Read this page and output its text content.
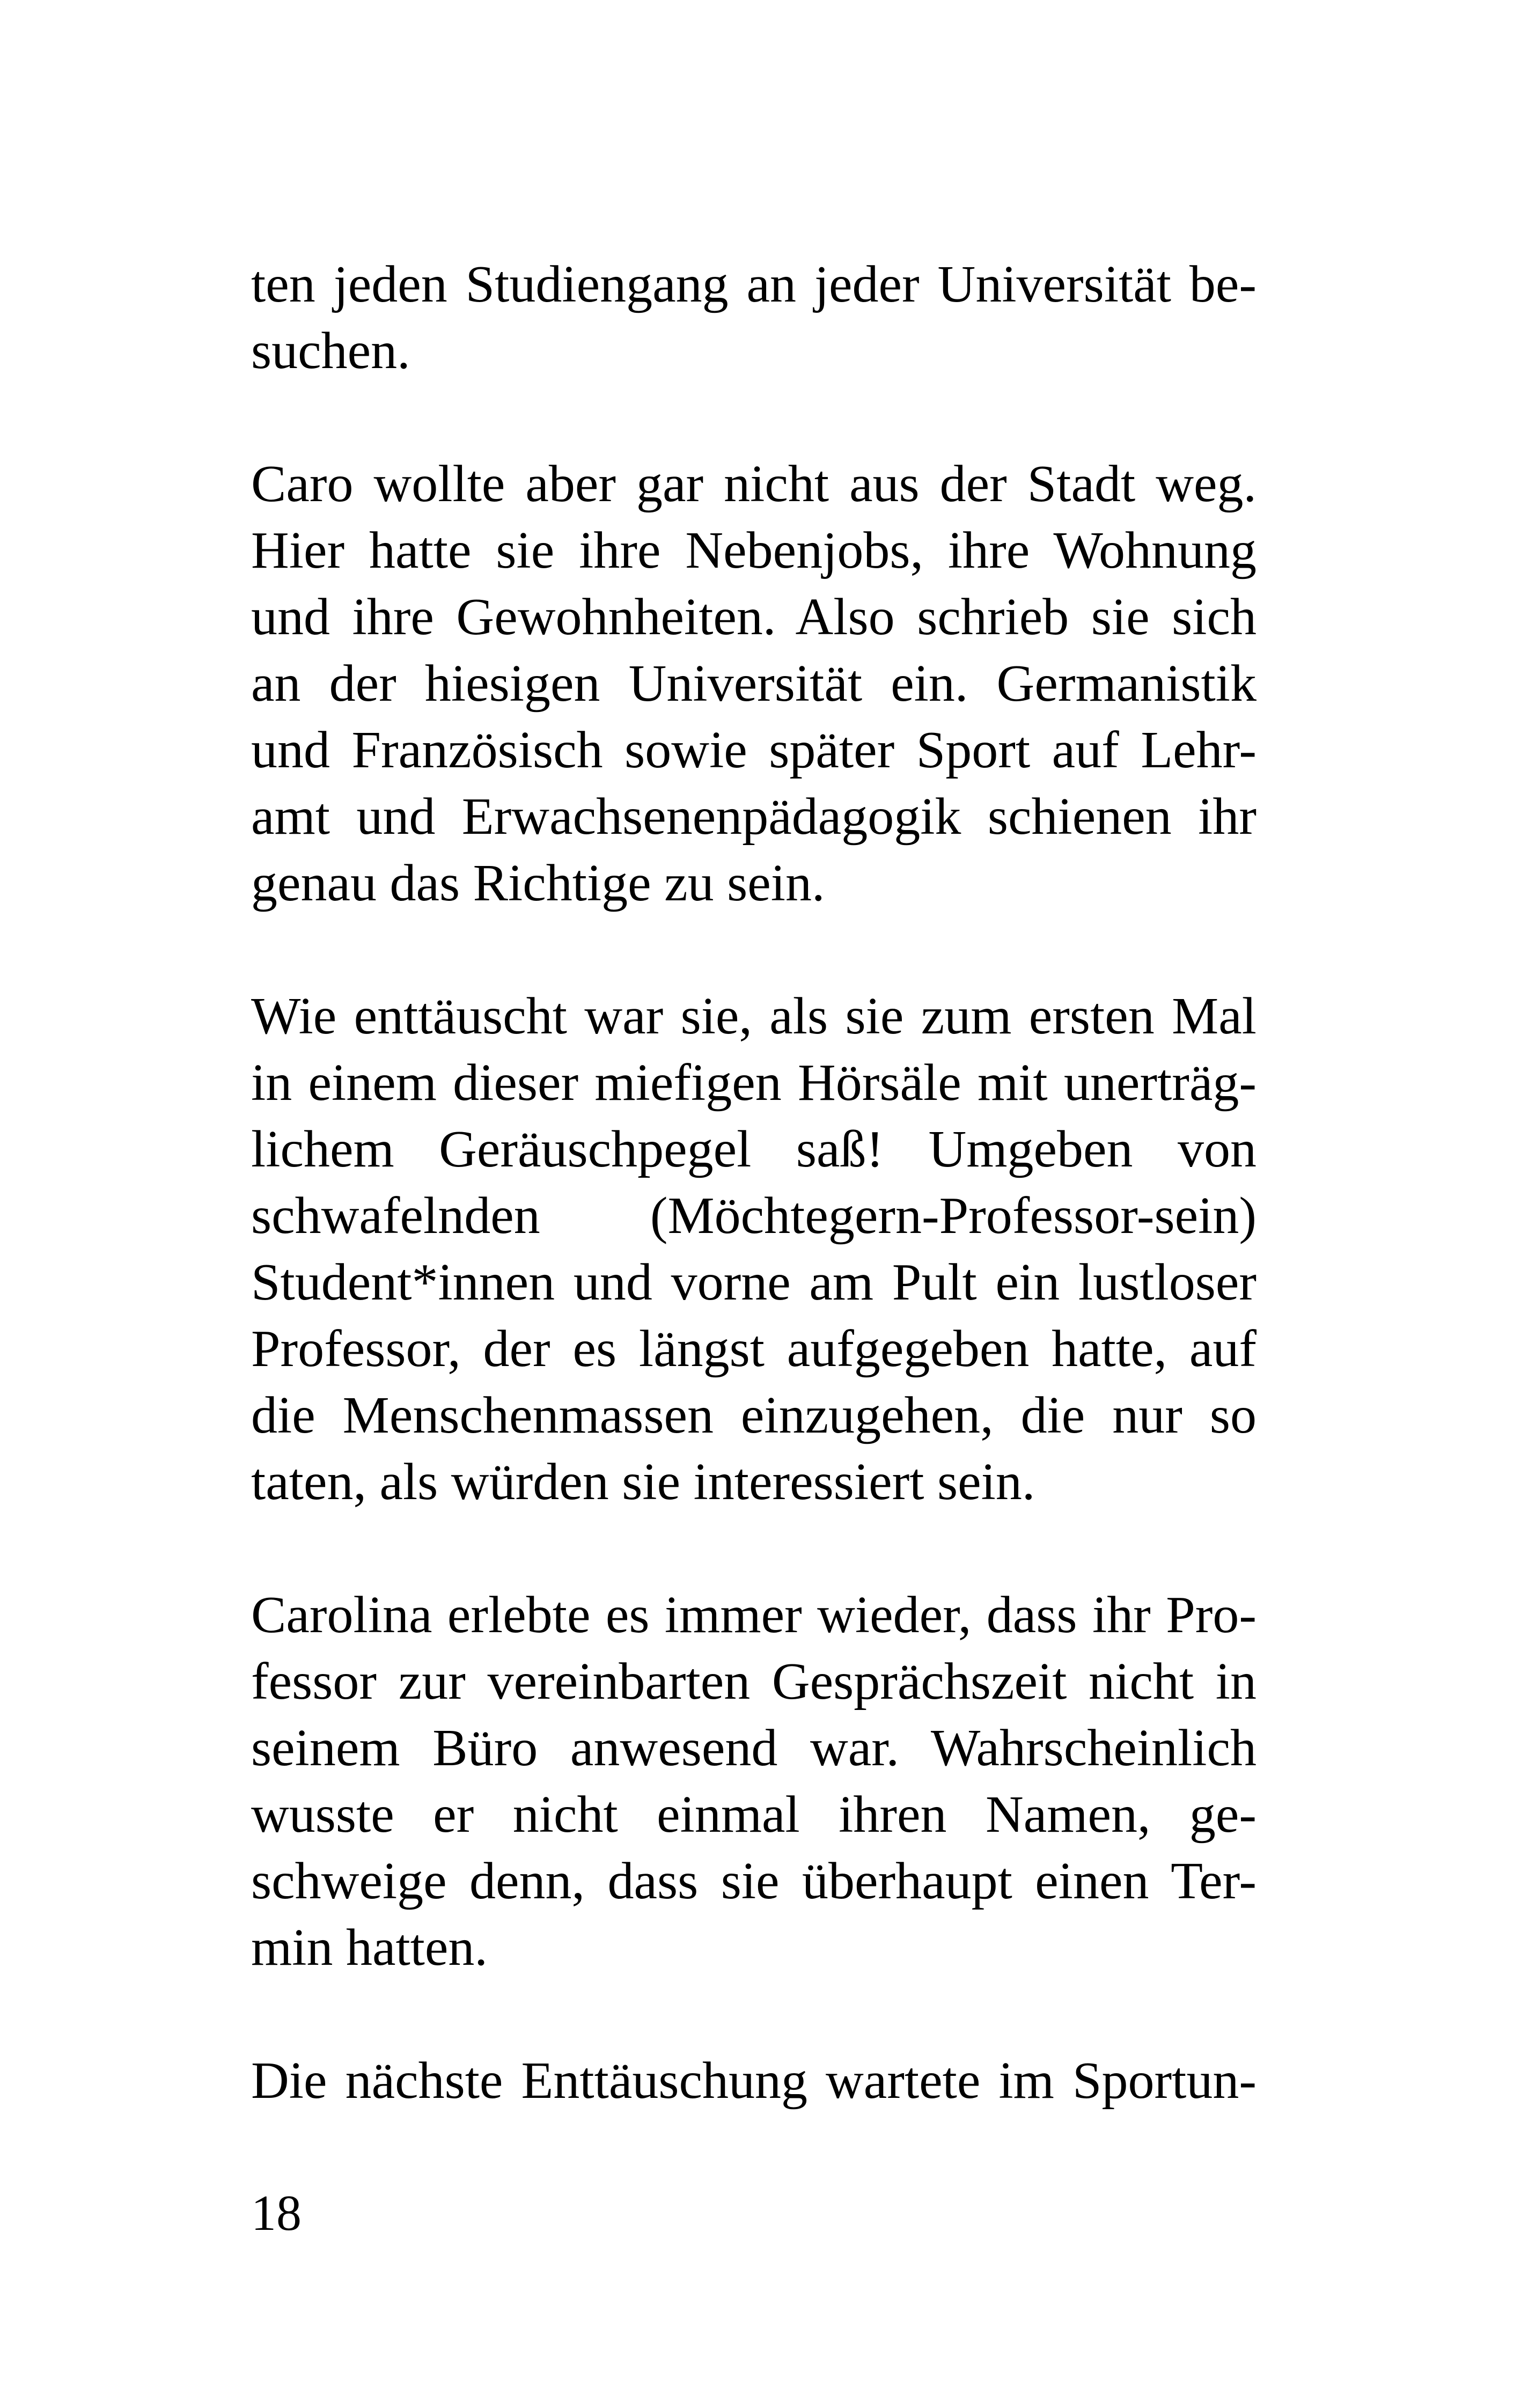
ten jeden Studiengang an jeder Universität be-
suchen.

Caro wollte aber gar nicht aus der Stadt weg.
Hier hatte sie ihre Nebenjobs, ihre Wohnung
und ihre Gewohnheiten. Also schrieb sie sich
an der hiesigen Universität ein. Germanistik
und Französisch sowie später Sport auf Lehr-
amt und Erwachsenenpädagogik schienen ihr
genau das Richtige zu sein.

Wie enttäuscht war sie, als sie zum ersten Mal
in einem dieser miefigen Hörsäle mit unerträg-
lichem Geräuschpegel saß! Umgeben von
schwafelnden (Möchtegern-Professor-sein)
Student*innen und vorne am Pult ein lustloser
Professor, der es längst aufgegeben hatte, auf
die Menschenmassen einzugehen, die nur so
taten, als würden sie interessiert sein.

Carolina erlebte es immer wieder, dass ihr Pro-
fessor zur vereinbarten Gesprächszeit nicht in
seinem Büro anwesend war. Wahrscheinlich
wusste er nicht einmal ihren Namen, ge-
schweige denn, dass sie überhaupt einen Ter-
min hatten.

Die nächste Enttäuschung wartete im Sportun-

18
